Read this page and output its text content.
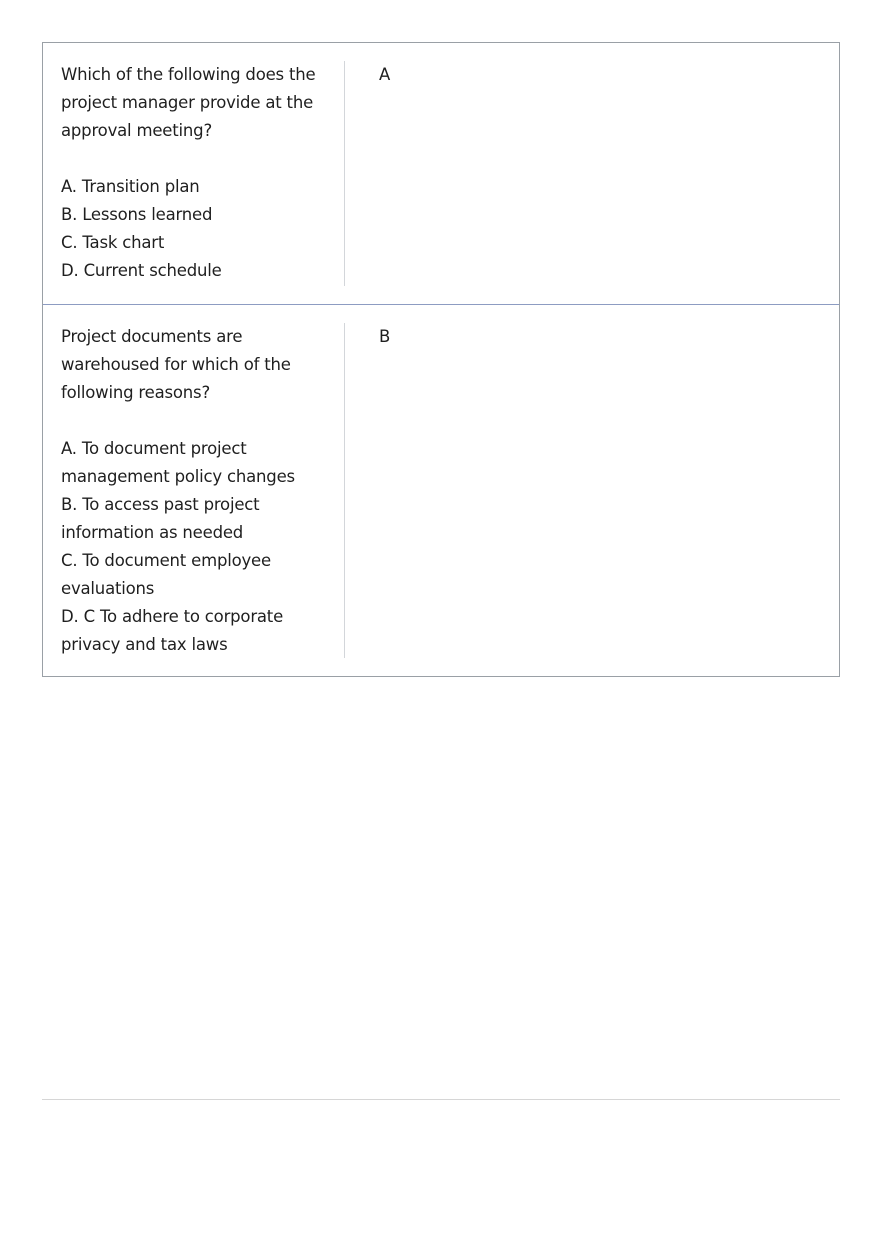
Which of the following does the project manager provide at the approval meeting?

A. Transition plan

B. Lessons learned

C. Task chart

D. Current schedule

A

Project documents are warehoused for which of the following reasons?

A. To document project management policy changes

B. To access past project information as needed

C. To document employee evaluations

D. C To adhere to corporate privacy and tax laws

B
